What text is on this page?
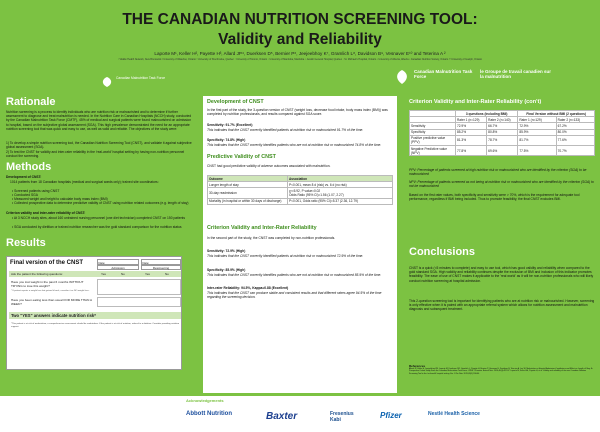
THE CANADIAN NUTRITION SCREENING TOOL:
Validity and Reliability
Laporte M¹, Keller H², Payette H³, Allard JP⁴, Duerksen D⁵, Bernier P⁶, Jeejeebhoy K⁷, Gramlich L⁸, Davidson B⁹, Vesnaver E¹⁰ and Teterina A ²
¹ Vitalité Health Network, New Brunswick ² University of Waterloo, Ontario ³ University of Sherbrooke, Québec ⁴ University of Toronto, Ontario ⁵ University of Manitoba, Manitoba ⁶ Jewish General Hospital, Québec ⁷ St. Michael's Hospital, Ontario ⁸ University of Alberta, Alberta ⁹ Canadian Nutrition Society, Ontario ¹⁰ University of Guelph, Ontario
Canadian Malnutrition Task Force
Canadian Malnutrition Task Force
le Groupe de travail canadien sur la malnutrition
Rationale
Nutrition screening is a process to identify individuals who are nutrition risk or malnourished and to determine if further assessment to diagnose and treat malnutrition is needed. In the Nutrition Care in Canadian Hospitals (NCCH) study, conducted by the Canadian Malnutrition Task Force (CMTF), 45% of medical and surgical patients were found malnourished on admission to hospital, based on the subjective global assessment (SGA). This high prevalence demonstrated the need for an appropriate nutrition screening tool that was quick and easy to use, as well as valid and reliable. The objectives of the study were:
1) To develop a simple nutrition screening tool, the Canadian Nutrition Screening Tool (CNST), and validate it against subjective global assessment (SGA).
2) To test the CNST for validity and inter-rater reliability in the 'real-world' hospital setting by having non-nutrition personnel conduct the screening.
Methods
Development of CNST:
1014 patients from 18 Canadian hospitals (medical and surgical wards only); trained site coordinators:
• Screened patients using CNST
• Conducted SGA
• Measured weight and height to calculate body mass index (BMI)
• Collected prospective data to determine predictive validity of CNST using nutrition related outcomes (e.g. length of stay)
Criterion validity and inter-rater reliability of CNST:
• At 3 NCCH study sites, about 160 untrained nursing personnel (one diet technician) completed CNST on 150 patients
• SGA conducted by dietitian or trained nutrition researcher was the gold standard comparison for the nutrition status
Results
Final version of the CNST	Date:	Date:
Admission	Rescreening
Ask the patient the following questions:	Yes	No	Yes	No
Have you lost weight in the past 6 months WITHOUT TRYING to lose this weight?
* If patient reports a weight loss but gained it back, consider it as NO weight loss.
Have you been eating less than usual FOR MORE THAN A WEEK?
Two "YES" answers indicate nutrition risk*
*This patient is at risk of malnutrition; a comprehensive assessment should be undertaken. If the patient is at risk of nutrition, referral to a dietitian. Consider providing nutrition support.
Development of CNST
In the first part of the study, the 3-question version of CNST (weight loss, decrease food intake, body mass index (BMI)) was completed by nutrition professionals, and results compared against SGA score.
Sensitivity: 91.7% (Excellent)
This indicates that the CNST correctly identified patients at nutrition risk or malnourished 91.7% of the time.
Specificity: 74.8% (High)
This indicates that the CNST correctly identifies patients who are not at nutrition risk or malnourished 74.8% of the time.
Predictive Validity of CNST
CNST had good predictive validity of adverse outcomes associated with malnutrition.
Outcome	Association
Longer length of stay	P<0.001, mean 8 d (risk) vs. 6 d (no risk)
30-day readmission	χ²=5.92, P value=0.02
Odds Ratio (95% CI)=1.56 (1.07, 2.27)
Mortality (in hospital or within 30 days of discharge)	P<0.001, Odds ratio (95% CI)=5.37 (2.36, 12.79)
Criterion Validity and Inter-Rater Reliability
In the second part of the study, the CNST was completed by non-nutrition professionals.
Sensitivity: 72.9% (High)
This indicates that the CNST correctly identified patients at nutrition risk or malnourished 72.9% of the time.
Specificity: 85.9% (High)
This indicates that the CNST correctly identifies patients who are not at nutrition risk or malnourished 85.9% of the time.
Inter-rater Reliability: 94.5%, Kappa=0.88 (Excellent)
This indicates that the CNST can produce stable and consistent results and that different raters agree 94.5% of the time regarding the screening decision.
Criterion Validity and Inter-Rater Reliability (con't)
	3 questions (including BMI)		Final Version without BMI (2 questions)	
	Rater 1 (n=129)	Rater 2 (n=140)	Rater 1 (n=129)	Rater 2 (n=133)
Sensitivity	72.9%	66.7%	72.9%	67.2%
Specificity	85.2%	80.8%	85.9%	80.0%
Positive predictive value (PPV)	81.3%	78.7%	81.7%	77.6%
Negative Predictive value (NPV)	77.8%	69.6%	77.5%	70.7%
PPV: Percentage of patients screened at high nutrition risk or malnourished who are identified by the criterion (SGA) to be malnourished
NPV: Percentage of patients screened as not being at nutrition risk or malnourished who are identified by the criterion (SGA) to not be malnourished
Based on the first rater values, both specificity and sensitivity were > 70%, which is the requirement for adequate tool performance, regardless if BMI being included. Thus to promote feasibility, the final CNST excludes BMI.
Conclusions
CNST is a quick (<5 minutes to complete) and easy to use tool, which has good validity and reliability when compared to the gold standard SGA. High validity and reliability continues despite the exclusion of BMI and inclusion of this indicator promotes feasibility. The ease of use of CNST makes it applicable to the 'real world' as it will be non-nutrition professionals who will likely conduct nutrition screening at hospital admission.
This 2-question screening tool is important for identifying patients who are at nutrition risk or malnourished. However, screening is only effective when it is paired with an appropriate referral system which allows for nutrition assessment and malnutrition diagnosis and subsequent treatment.
References
Allard JP, Keller H, Jeejeebhoy KN, Laporte M, Duerksen DR, Gramlich L, Payette H, Bernier P, Vesnaver E, Davidson B, Teterina A, Lou W. Malnutrition at Hospital Admission-Contributors and Effect on Length of Stay: A Prospective Cohort Study From the Canadian Malnutrition Task Force. JPEN J Parenter Enteral Nutr. 2016;40(4):487-97. Laporte M, Keller HH, Payette H, et al. Validity and reliability of the new Canadian Nutrition Screening Tool in the 'real-world' hospital setting. Eur J Clin Nutr. 2015;69(5):558-64.
Acknowledgements
Abbott Nutrition	Baxter	Fresenius Kabi	Pfizer	Nestlé Health Science
